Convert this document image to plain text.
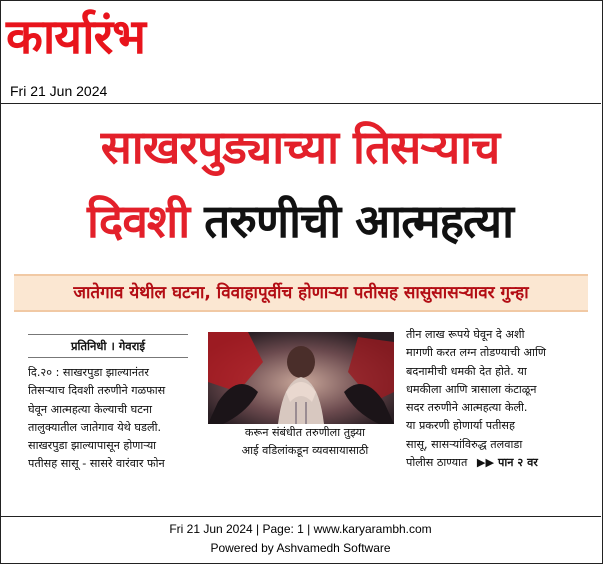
कार्यारंभ
Fri 21 Jun 2024
साखरपुड्याच्या तिसऱ्याच
दिवशी तरुणीची आत्महत्या
जातेगाव येथील घटना, विवाहापूर्वीच होणाऱ्या पतीसह सासुसासऱ्यावर गुन्हा
प्रतिनिधी । गेवराई
दि.२० : साखरपुडा झाल्यानंतर
तिसऱ्याच दिवशी तरुणीने गळफास
घेवून आत्महत्या केल्याची घटना
तालुक्यातील जातेगाव येथे घडली.
साखरपुडा झाल्यापासून होणाऱ्या
पतीसह सासू - सासरे वारंवार फोन
करून संबंधीत तरुणीला तुझ्या
आई वडिलांकडून व्यवसायासाठी
तीन लाख रूपये घेवून दे अशी
मागणी करत लग्न तोडण्याची आणि
बदनामीची धमकी देत होते. या
धमकीला आणि त्रासाला कंटाळून
सदर तरुणीने आत्महत्या केली.
या प्रकरणी होणार्या पतीसह
सासू, सासऱ्यांविरुद्ध तलवाडा
पोलीस ठाण्यात ▶▶ पान २ वर
Fri 21 Jun 2024 | Page: 1 | www.karyarambh.com
Powered by Ashvamedh Software
